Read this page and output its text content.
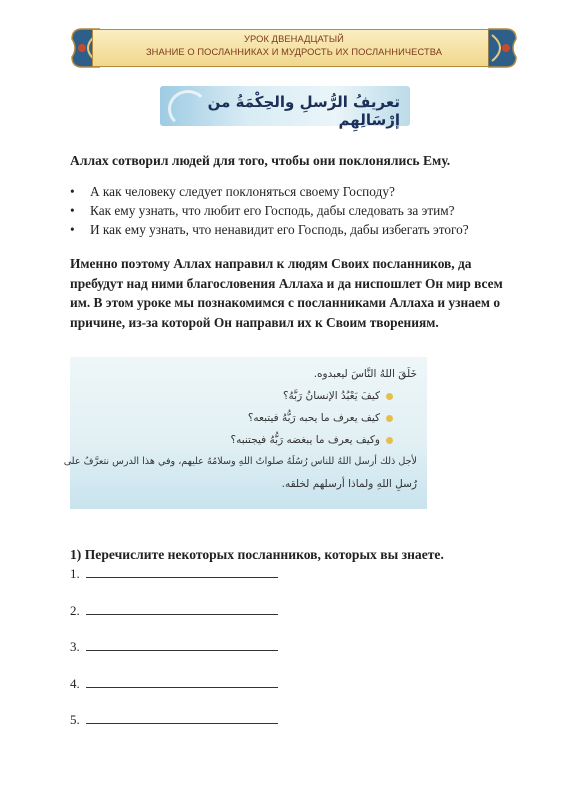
УРОК ДВЕНАДЦАТЫЙ
ЗНАНИЕ О ПОСЛАННИКАХ И МУДРОСТЬ ИХ ПОСЛАННИЧЕСТВА
تعريفُ الرُّسلِ والحِكْمَةُ من إرْسَالِهِم

Аллах сотворил людей для того, чтобы они поклонялись Ему.

• А как человеку следует поклоняться своему Господу?
• Как ему узнать, что любит его Господь, дабы следовать за этим?
• И как ему узнать, что ненавидит его Господь, дабы избегать этого?

Именно поэтому Аллах направил к людям Своих посланников, да пребудут над ними благословения Аллаха и да ниспошлет Он мир всем им. В этом уроке мы познакомимся с посланниками Аллаха и узнаем о причине, из-за которой Он направил их к Своим творениям.

خَلَقَ اللهُ النَّاسَ ليعبدوه.
كيفَ يَعْبُدُ الإنسانُ رَبَّهُ؟
كيف يعرف ما يحبه رَبُّهُ فيتبعه؟
وكيف يعرف ما يبغضه رَبُّهُ فيجتنبه؟
لأجل ذلك أرسل اللهُ للناس رُسُلَهُ صلواتُ اللهِ وسلامُهُ عليهم، وفي هذا الدرس نتعرَّفُ على
رُسلِ اللهِ ولماذا أرسلهم لخلقه.

1) Перечислите некоторых посланников, которых вы знаете.

1.
2.
3.
4.
5.
